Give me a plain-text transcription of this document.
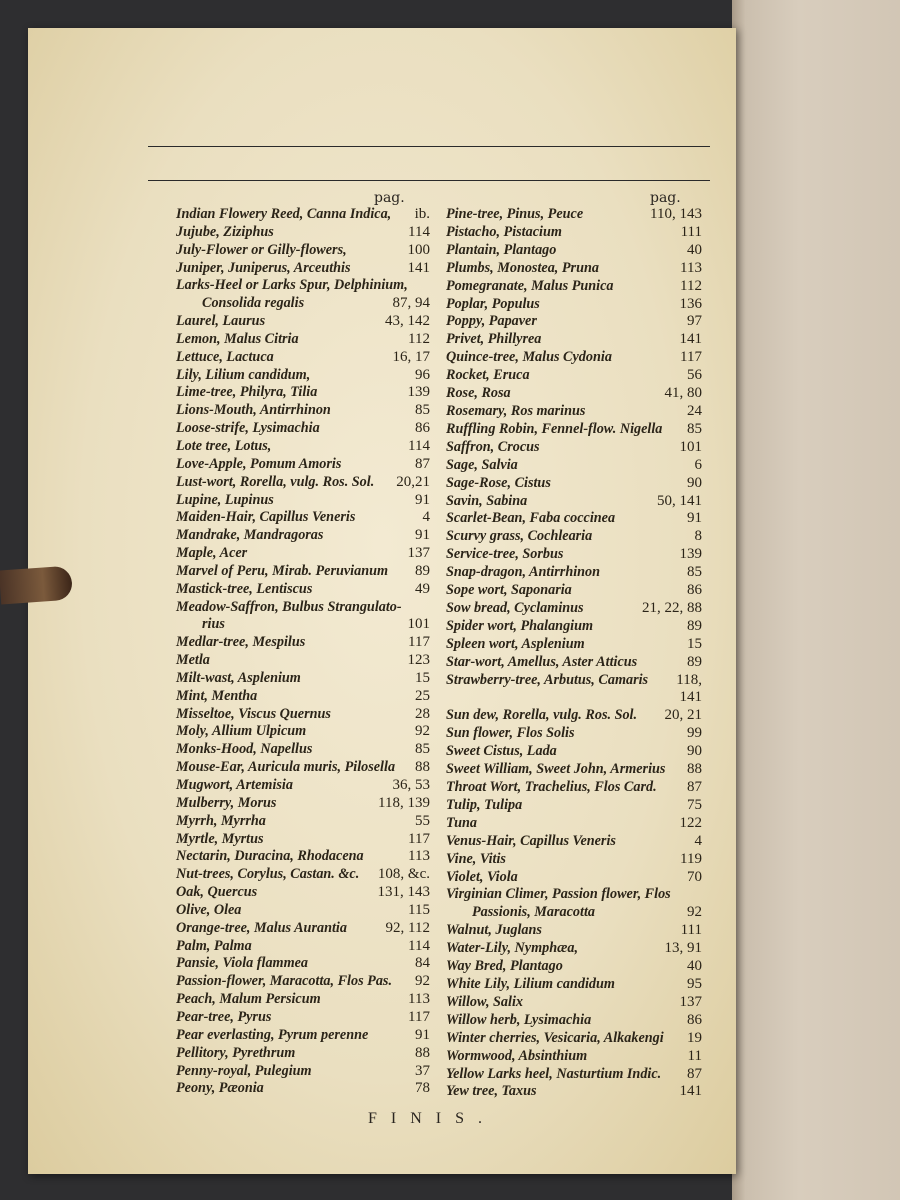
pag.	pag.
Indian Flowery Reed, Canna Indica, ib.
Jujube, Ziziphus	114
July-Flower or Gilly-flowers,	100
Juniper, Juniperus, Arceuthis	141
Larks-Heel or Larks Spur, Delphinium,
Consolida regalis	87, 94
Laurel, Laurus	43, 142
Lemon, Malus Citria	112
Lettuce, Lactuca	16, 17
Lily, Lilium candidum,	96
Lime-tree, Philyra, Tilia	139
Lions-Mouth, Antirrhinon	85
Loose-strife, Lysimachia	86
Lote tree, Lotus,	114
Love-Apple, Pomum Amoris	87
Lust-wort, Rorella, vulg. Ros. Sol. 20,21
Lupine, Lupinus	91
Maiden-Hair, Capillus Veneris	4
Mandrake, Mandragoras	91
Maple, Acer	137
Marvel of Peru, Mirab. Peruvianum 89
Mastick-tree, Lentiscus	49
Meadow-Saffron, Bulbus Strangulato-
rius	101
Medlar-tree, Mespilus	117
Metla	123
Milt-wast, Asplenium	15
Mint, Mentha	25
Misseltoe, Viscus Quernus	28
Moly, Allium Ulpicum	92
Monks-Hood, Napellus	85
Mouse-Ear, Auricula muris, Pilosella 88
Mugwort, Artemisia	36, 53
Mulberry, Morus	118, 139
Myrrh, Myrrha	55
Myrtle, Myrtus	117
Nectarin, Duracina, Rhodacena	113
Nut-trees, Corylus, Castan. &c. 108, &c.
Oak, Quercus	131, 143
Olive, Olea	115
Orange-tree, Malus Aurantia	92, 112
Palm, Palma	114
Pansie, Viola flammea	84
Passion-flower, Maracotta, Flos Pas. 92
Peach, Malum Persicum	113
Pear-tree, Pyrus	117
Pear everlasting, Pyrum perenne	91
Pellitory, Pyrethrum	88
Penny-royal, Pulegium	37
Peony, Pæonia	78
Pine-tree, Pinus, Peuce	110, 143
Pistacho, Pistacium	111
Plantain, Plantago	40
Plumbs, Monostea, Pruna	113
Pomegranate, Malus Punica	112
Poplar, Populus	136
Poppy, Papaver	97
Privet, Phillyrea	141
Quince-tree, Malus Cydonia	117
Rocket, Eruca	56
Rose, Rosa	41, 80
Rosemary, Ros marinus	24
Ruffling Robin, Fennel-flow. Nigella 85
Saffron, Crocus	101
Sage, Salvia	6
Sage-Rose, Cistus	90
Savin, Sabina	50, 141
Scarlet-Bean, Faba coccinea	91
Scurvy grass, Cochlearia	8
Service-tree, Sorbus	139
Snap-dragon, Antirrhinon	85
Sope wort, Saponaria	86
Sow bread, Cyclaminus	21, 22, 88
Spider wort, Phalangium	89
Spleen wort, Asplenium	15
Star-wort, Amellus, Aster Atticus	89
Strawberry-tree, Arbutus, Camaris 118,
141
Sun dew, Rorella, vulg. Ros. Sol. 20, 21
Sun flower, Flos Solis	99
Sweet Cistus, Lada	90
Sweet William, Sweet John, Armerius 88
Throat Wort, Trachelius, Flos Card. 87
Tulip, Tulipa	75
Tuna	122
Venus-Hair, Capillus Veneris	4
Vine, Vitis	119
Violet, Viola	70
Virginian Climer, Passion flower, Flos
Passionis, Maracotta	92
Walnut, Juglans	111
Water-Lily, Nymphæa,	13, 91
Way Bred, Plantago	40
White Lily, Lilium candidum	95
Willow, Salix	137
Willow herb, Lysimachia	86
Winter cherries, Vesicaria, Alkakengi 19
Wormwood, Absinthium	11
Yellow Larks heel, Nasturtium Indic. 87
Yew tree, Taxus	141
FINIS.
